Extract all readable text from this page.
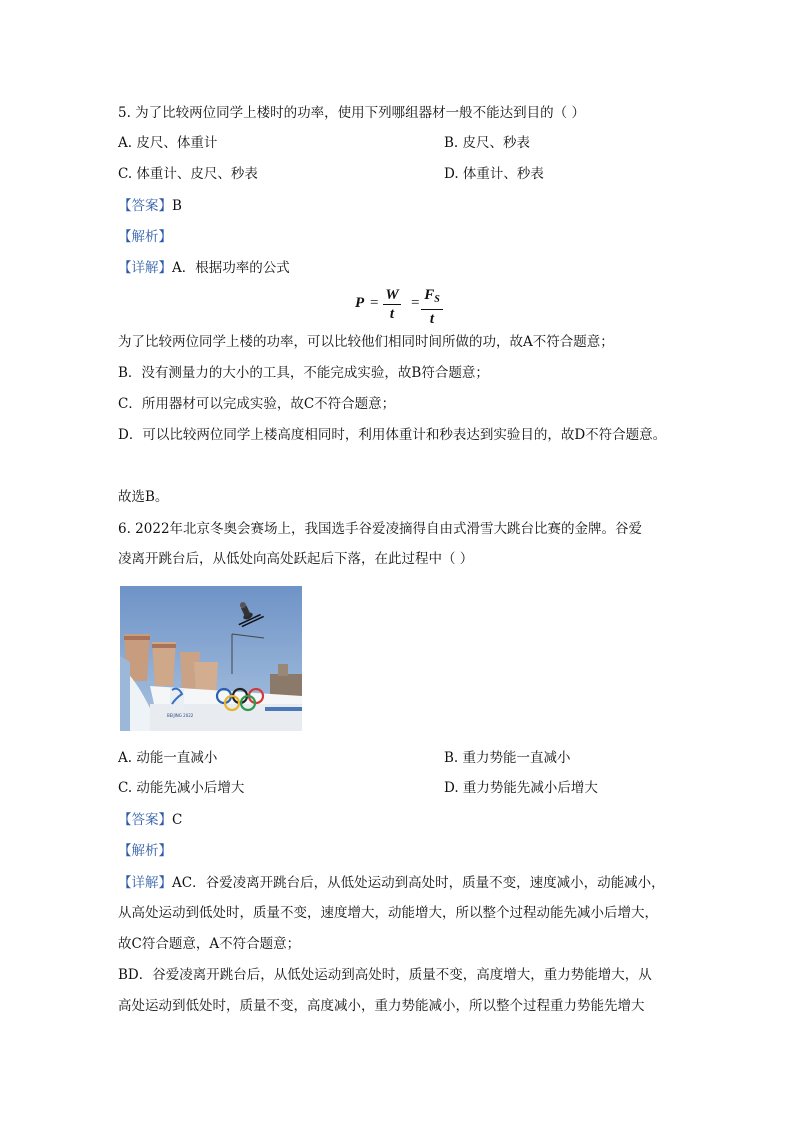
5. 为了比较两位同学上楼时的功率，使用下列哪组器材一般不能达到目的（ ）
A. 皮尺、体重计	B. 皮尺、秒表
C. 体重计、皮尺、秒表	D. 体重计、秒表
【答案】B
【解析】
【详解】A．根据功率的公式
$P = \frac{W}{t} = \frac{F_S}{t}$
为了比较两位同学上楼的功率，可以比较他们相同时间所做的功，故A不符合题意；
B．没有测量力的大小的工具，不能完成实验，故B符合题意；
C．所用器材可以完成实验，故C不符合题意；
D．可以比较两位同学上楼高度相同时，利用体重计和秒表达到实验目的，故D不符合题意。
故选B。
6. 2022年北京冬奥会赛场上，我国选手谷爱凌摘得自由式滑雪大跳台比赛的金牌。谷爱
凌离开跳台后，从低处向高处跃起后下落，在此过程中（ ）
BEIJING 2022
A. 动能一直减小	B. 重力势能一直减小
C. 动能先减小后增大	D. 重力势能先减小后增大
【答案】C
【解析】
【详解】AC．谷爱凌离开跳台后，从低处运动到高处时，质量不变，速度减小，动能减小，
从高处运动到低处时，质量不变，速度增大，动能增大，所以整个过程动能先减小后增大，
故C符合题意，A不符合题意；
BD．谷爱凌离开跳台后，从低处运动到高处时，质量不变，高度增大，重力势能增大，从
高处运动到低处时，质量不变，高度减小，重力势能减小，所以整个过程重力势能先增大
